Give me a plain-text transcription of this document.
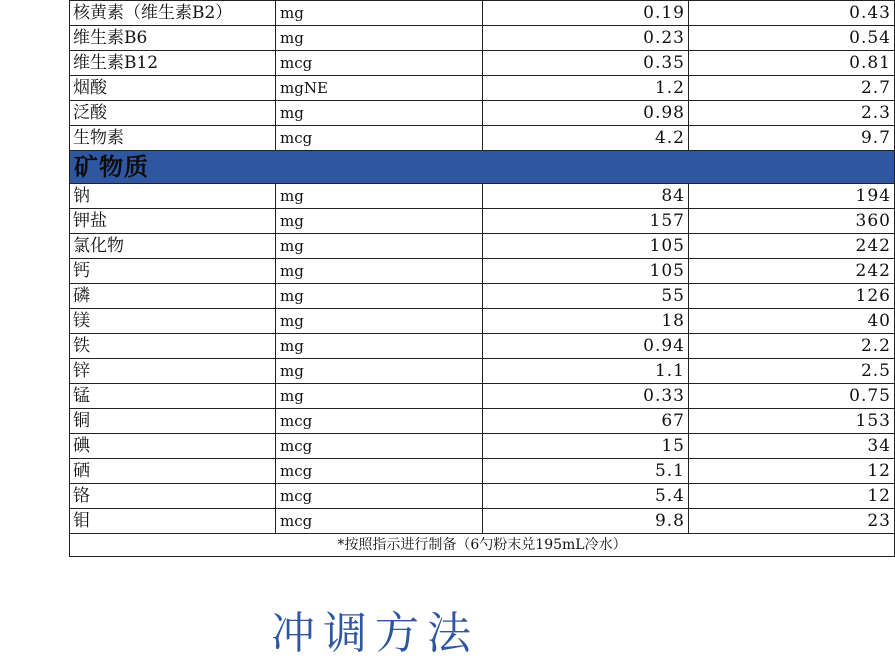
核黄素（维生素B2）	mg	0.19	0.43
维生素B6	mg	0.23	0.54
维生素B12	mcg	0.35	0.81
烟酸	mgNE	1.2	2.7
泛酸	mg	0.98	2.3
生物素	mcg	4.2	9.7
矿物质			
钠	mg	84	194
钾盐	mg	157	360
氯化物	mg	105	242
钙	mg	105	242
磷	mg	55	126
镁	mg	18	40
铁	mg	0.94	2.2
锌	mg	1.1	2.5
锰	mg	0.33	0.75
铜	mcg	67	153
碘	mcg	15	34
硒	mcg	5.1	12
铬	mcg	5.4	12
钼	mcg	9.8	23
*按照指示进行制备（6勺粉末兑195mL冷水）			
冲调方法
